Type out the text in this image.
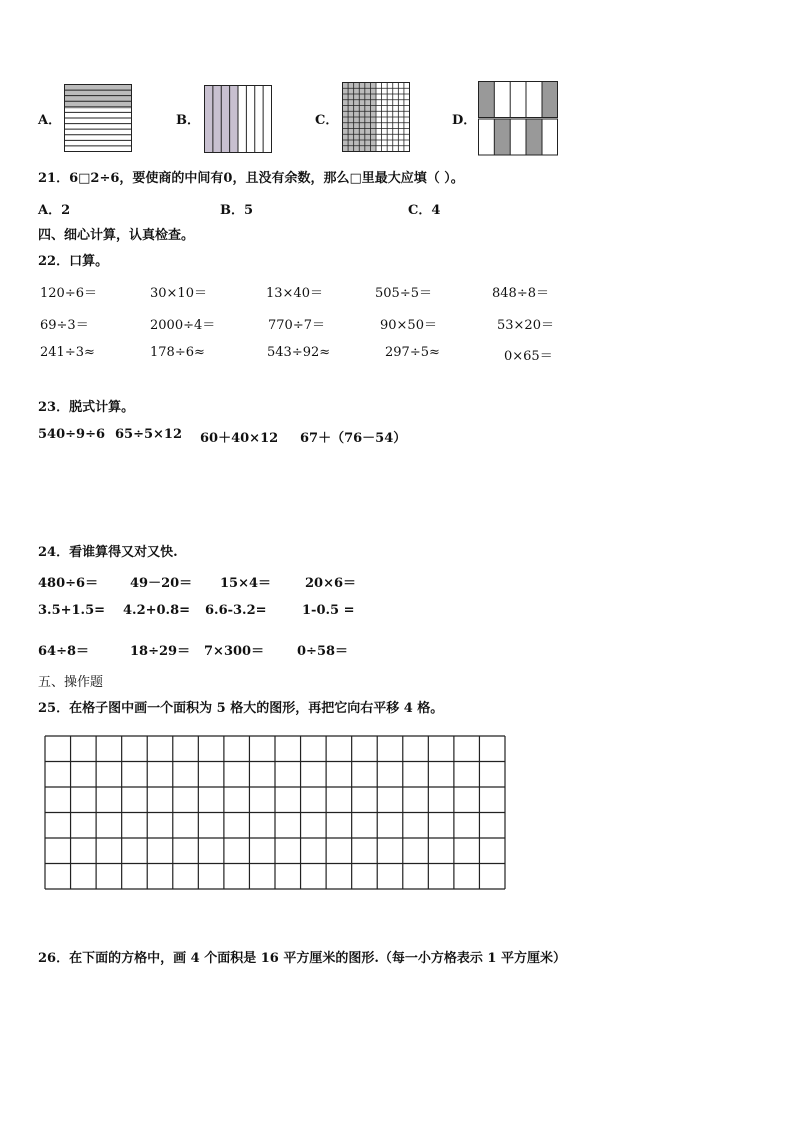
A．	B．	C．	D．
21．6□2÷6，要使商的中间有0，且没有余数，那么□里最大应填（ ）。
A．2	B．5	C．4
四、细心计算，认真检查。
22．口算。
120÷6＝	30×10＝	13×40＝	505÷5＝	848÷8＝
69÷3＝	2000÷4＝	770÷7＝	90×50＝	53×20＝
241÷3≈	178÷6≈	543÷92≈	297÷5≈	0×65＝
23．脱式计算。
540÷9÷6 65÷5×12 60＋40×12 67＋（76－54）
24．看谁算得又对又快.
480÷6＝ 49－20＝ 15×4＝	20×6＝
3.5+1.5= 4.2+0.8= 6.6-3.2=	1-0.5 =
64÷8＝	18÷29＝ 7×300＝	0÷58＝
五、操作题
25．在格子图中画一个面积为 5 格大的图形，再把它向右平移 4 格。
26．在下面的方格中，画 4 个面积是 16 平方厘米的图形.（每一小方格表示 1 平方厘米）
